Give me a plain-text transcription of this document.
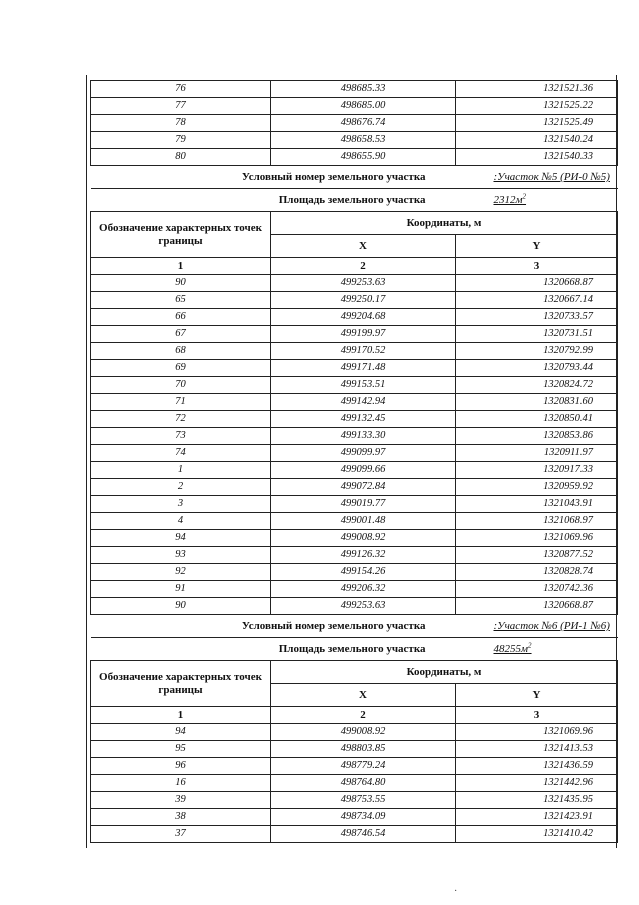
76	498685.33	1321521.36
77	498685.00	1321525.22
78	498676.74	1321525.49
79	498658.53	1321540.24
80	498655.90	1321540.33
Условный номер земельного участка		:Участок №5 (РИ-0 №5)
Площадь земельного участка		$2312м^2$
Обозначение характерных точек границы	Координаты, м	
	X	Y
1	2	3
90	499253.63	1320668.87
65	499250.17	1320667.14
66	499204.68	1320733.57
67	499199.97	1320731.51
68	499170.52	1320792.99
69	499171.48	1320793.44
70	499153.51	1320824.72
71	499142.94	1320831.60
72	499132.45	1320850.41
73	499133.30	1320853.86
74	499099.97	1320911.97
1	499099.66	1320917.33
2	499072.84	1320959.92
3	499019.77	1321043.91
4	499001.48	1321068.97
94	499008.92	1321069.96
93	499126.32	1320877.52
92	499154.26	1320828.74
91	499206.32	1320742.36
90	499253.63	1320668.87
Условный номер земельного участка		:Участок №6 (РИ-1 №6)
Площадь земельного участка		$48255м^2$
Обозначение характерных точек границы	Координаты, м	
	X	Y
1	2	3
94	499008.92	1321069.96
95	498803.85	1321413.53
96	498779.24	1321436.59
16	498764.80	1321442.96
39	498753.55	1321435.95
38	498734.09	1321423.91
37	498746.54	1321410.42
·
